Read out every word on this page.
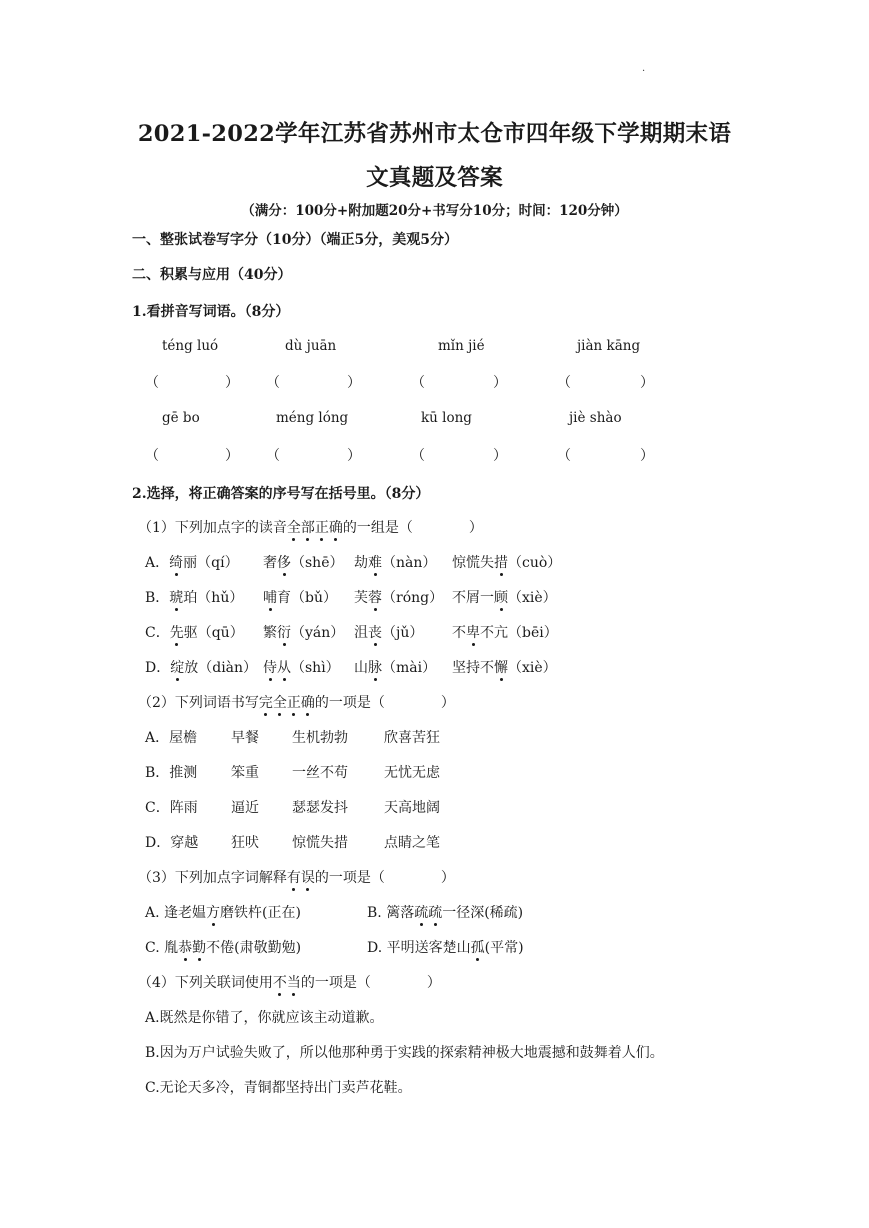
·
2021-2022学年江苏省苏州市太仓市四年级下学期期末语
文真题及答案
（满分：100分+附加题20分+书写分10分；时间：120分钟）
一、整张试卷写字分（10分）（端正5分，美观5分）
二、积累与应用（40分）
1.看拼音写词语。（8分）
téng luó	dù juān	mǐn jié	jiàn kāng
（	） （	）	（	）	（	）
gē bo	méng lóng	kū long	jiè shào
（	） （	）	（	）	（	）
2.选择，将正确答案的序号写在括号里。（8分）
（1）下列加点字的读音全部正确的一组是（　　　　）
A．绮丽（qí） 奢侈（shē） 劫难（nàn） 惊慌失措（cuò）
B．琥珀（hǔ） 哺育（bǔ） 芙蓉（róng） 不屑一顾（xiè）
C．先驱（qū） 繁衍（yán） 沮丧（jǔ） 不卑不亢（bēi）
D．绽放（diàn） 侍从（shì） 山脉（mài） 坚持不懈（xiè）
（2）下列词语书写完全正确的一项是（　　　　）
A．屋檐 早餐 生机勃勃	欣喜苦狂
B．推测 笨重 一丝不苟	无忧无虑
C．阵雨 逼近 瑟瑟发抖	天高地阔
D．穿越 狂吠 惊慌失措	点睛之笔
（3）下列加点字词解释有误的一项是（　　　　）
A. 逢老媪方磨铁杵(正在)	B. 篱落疏疏一径深(稀疏)
C. 胤恭勤不倦(肃敬勤勉)	D. 平明送客楚山孤(平常)
（4）下列关联词使用不当的一项是（　　　　）
A.既然是你错了，你就应该主动道歉。
B.因为万户试验失败了，所以他那种勇于实践的探索精神极大地震撼和鼓舞着人们。
C.无论天多冷，青铜都坚持出门卖芦花鞋。
